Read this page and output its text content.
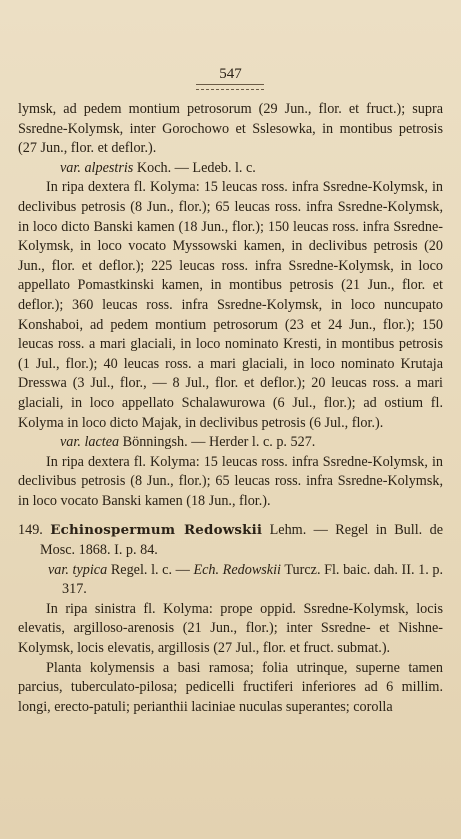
547

lymsk, ad pedem montium petrosorum (29 Jun., flor. et fruct.); supra Ssredne-Kolymsk, inter Gorochowo et Sslesowka, in montibus petrosis (27 Jun., flor. et deflor.).

var. alpestris Koch. — Ledeb. l. c.

In ripa dextera fl. Kolyma: 15 leucas ross. infra Ssredne-Kolymsk, in declivibus petrosis (8 Jun., flor.); 65 leucas ross. infra Ssredne-Kolymsk, in loco dicto Banski kamen (18 Jun., flor.); 150 leucas ross. infra Ssredne-Kolymsk, in loco vocato Myssowski kamen, in declivibus petrosis (20 Jun., flor. et deflor.); 225 leucas ross. infra Ssredne-Kolymsk, in loco appellato Pomastkinski kamen, in montibus petrosis (21 Jun., flor. et deflor.); 360 leucas ross. infra Ssredne-Kolymsk, in loco nuncupato Konshaboi, ad pedem montium petrosorum (23 et 24 Jun., flor.); 150 leucas ross. a mari glaciali, in loco nominato Kresti, in montibus petrosis (1 Jul., flor.); 40 leucas ross. a mari glaciali, in loco nominato Krutaja Dresswa (3 Jul., flor., — 8 Jul., flor. et deflor.); 20 leucas ross. a mari glaciali, in loco appellato Schalawurowa (6 Jul., flor.); ad ostium fl. Kolyma in loco dicto Majak, in declivibus petrosis (6 Jul., flor.).

var. lactea Bönningsh. — Herder l. c. p. 527.

In ripa dextera fl. Kolyma: 15 leucas ross. infra Ssredne-Kolymsk, in declivibus petrosis (8 Jun., flor.); 65 leucas ross. infra Ssredne-Kolymsk, in loco vocato Banski kamen (18 Jun., flor.).

149. Echinospermum Redowskii Lehm. — Regel in Bull. de Mosc. 1868. I. p. 84.

var. typica Regel. l. c. — Ech. Redowskii Turcz. Fl. baic. dah. II. 1. p. 317.

In ripa sinistra fl. Kolyma: prope oppid. Ssredne-Kolymsk, locis elevatis, argilloso-arenosis (21 Jun., flor.); inter Ssredne- et Nishne-Kolymsk, locis elevatis, argillosis (27 Jul., flor. et fruct. submat.).

Planta kolymensis a basi ramosa; folia utrinque, superne tamen parcius, tuberculato-pilosa; pedicelli fructiferi inferiores ad 6 millim. longi, erecto-patuli; perianthii laciniae nuculas superantes; corolla
